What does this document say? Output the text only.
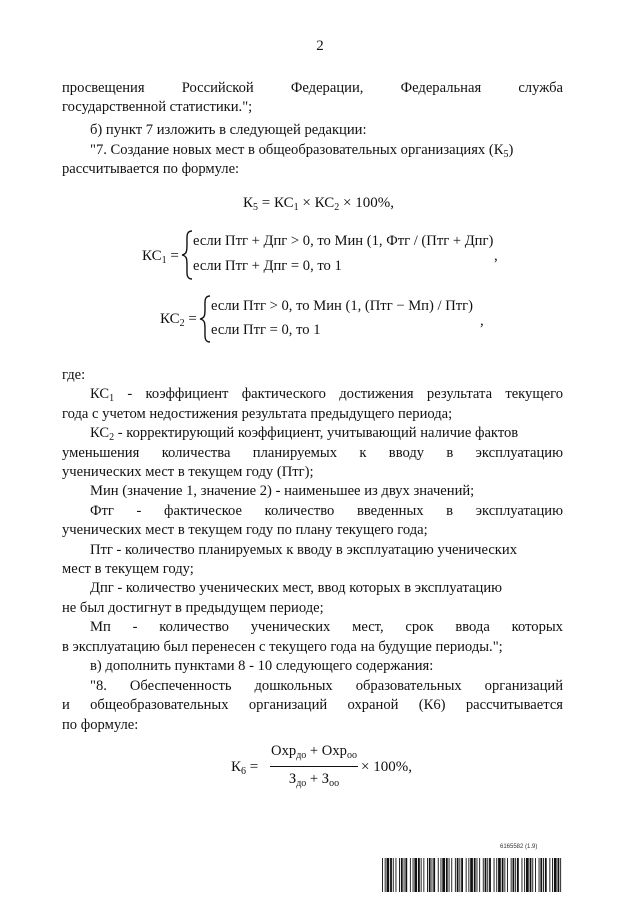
2
просвещения	Российской	Федерации,	Федеральная	служба
государственной статистики.";
б) пункт 7 изложить в следующей редакции:
"7. Создание новых мест в общеобразовательных организациях $(К_5)$
рассчитывается по формуле:
$К_5 = КС_1 \times КС_2 \times 100\%$,
$КС_1$ =
если Птг + Дпг > 0, то Мин (1, Фтг / (Птг + Дпг)
если Птг + Дпг = 0, то 1
,
$КС_2$ =
если Птг > 0, то Мин (1, (Птг − Мп) / Птг)
если Птг = 0, то 1
,
где:
$КС_1$ - коэффициент фактического достижения результата текущего
года с учетом недостижения результата предыдущего периода;
$КС_2$ - корректирующий коэффициент, учитывающий наличие фактов
уменьшения количества планируемых к вводу в эксплуатацию
ученических мест в текущем году (Птг);
Мин (значение 1, значение 2) - наименьшее из двух значений;
Фтг - фактическое количество введенных в эксплуатацию
ученических мест в текущем году по плану текущего года;
Птг - количество планируемых к вводу в эксплуатацию ученических
мест в текущем году;
Дпг - количество ученических мест, ввод которых в эксплуатацию
не был достигнут в предыдущем периоде;
Мп - количество ученических мест, срок ввода которых
в эксплуатацию был перенесен с текущего года на будущие периоды.";
в) дополнить пунктами 8 - 10 следующего содержания:
"8. Обеспеченность дошкольных образовательных организаций
и общеобразовательных организаций охраной (К6) рассчитывается
по формуле:
$К_6$ =
Охр$_{до}$ + Охр$_{оо}$
$З_{до} + З_{оо}$
× 100%,
6165582 (1.9)
